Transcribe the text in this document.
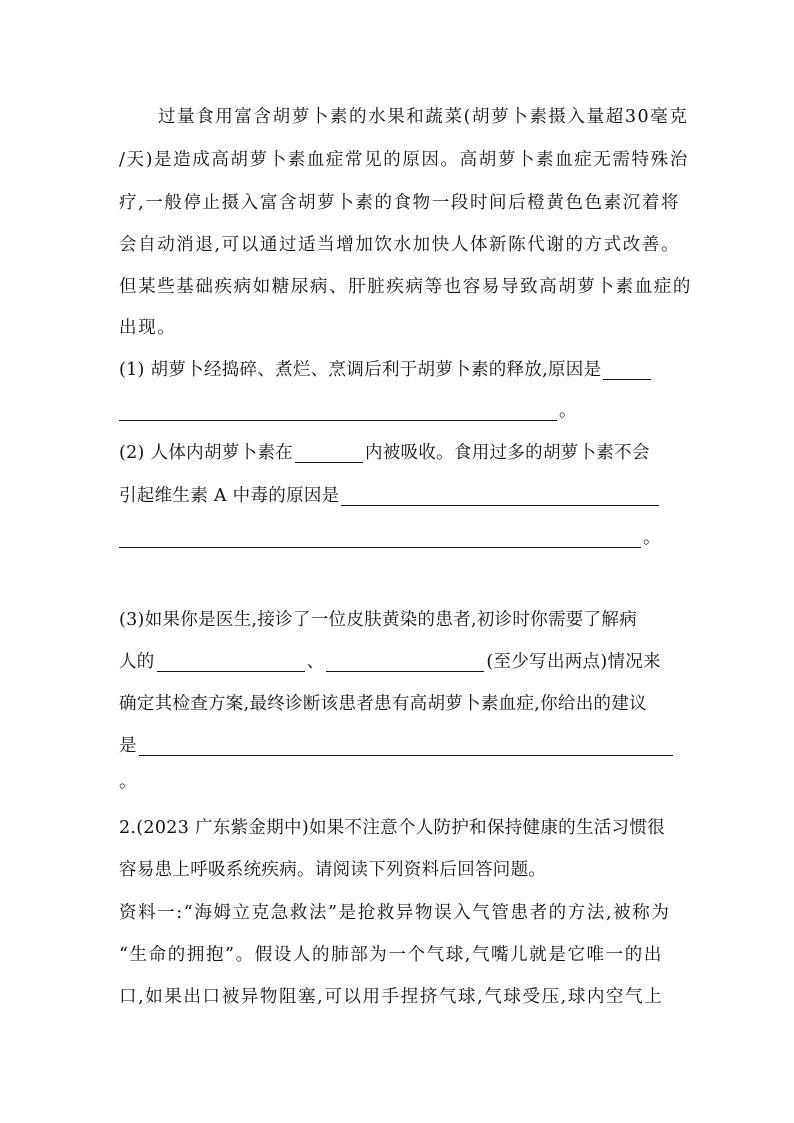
过量食用富含胡萝卜素的水果和蔬菜(胡萝卜素摄入量超30毫克
/天)是造成高胡萝卜素血症常见的原因。高胡萝卜素血症无需特殊治
疗,一般停止摄入富含胡萝卜素的食物一段时间后橙黄色色素沉着将
会自动消退,可以通过适当增加饮水加快人体新陈代谢的方式改善。
但某些基础疾病如糖尿病、肝脏疾病等也容易导致高胡萝卜素血症的
出现。
(1) 胡萝卜经捣碎、煮烂、烹调后利于胡萝卜素的释放,原因是
。
(2) 人体内胡萝卜素在	内被吸收。食用过多的胡萝卜素不会
引起维生素 A 中毒的原因是
。
(3)如果你是医生,接诊了一位皮肤黄染的患者,初诊时你需要了解病
人的	、	(至少写出两点)情况来
确定其检查方案,最终诊断该患者患有高胡萝卜素血症,你给出的建议
是
。
2.(2023 广东紫金期中)如果不注意个人防护和保持健康的生活习惯很
容易患上呼吸系统疾病。请阅读下列资料后回答问题。
资料一:“海姆立克急救法”是抢救异物误入气管患者的方法,被称为
“生命的拥抱”。假设人的肺部为一个气球,气嘴儿就是它唯一的出
口,如果出口被异物阻塞,可以用手捏挤气球,气球受压,球内空气上
